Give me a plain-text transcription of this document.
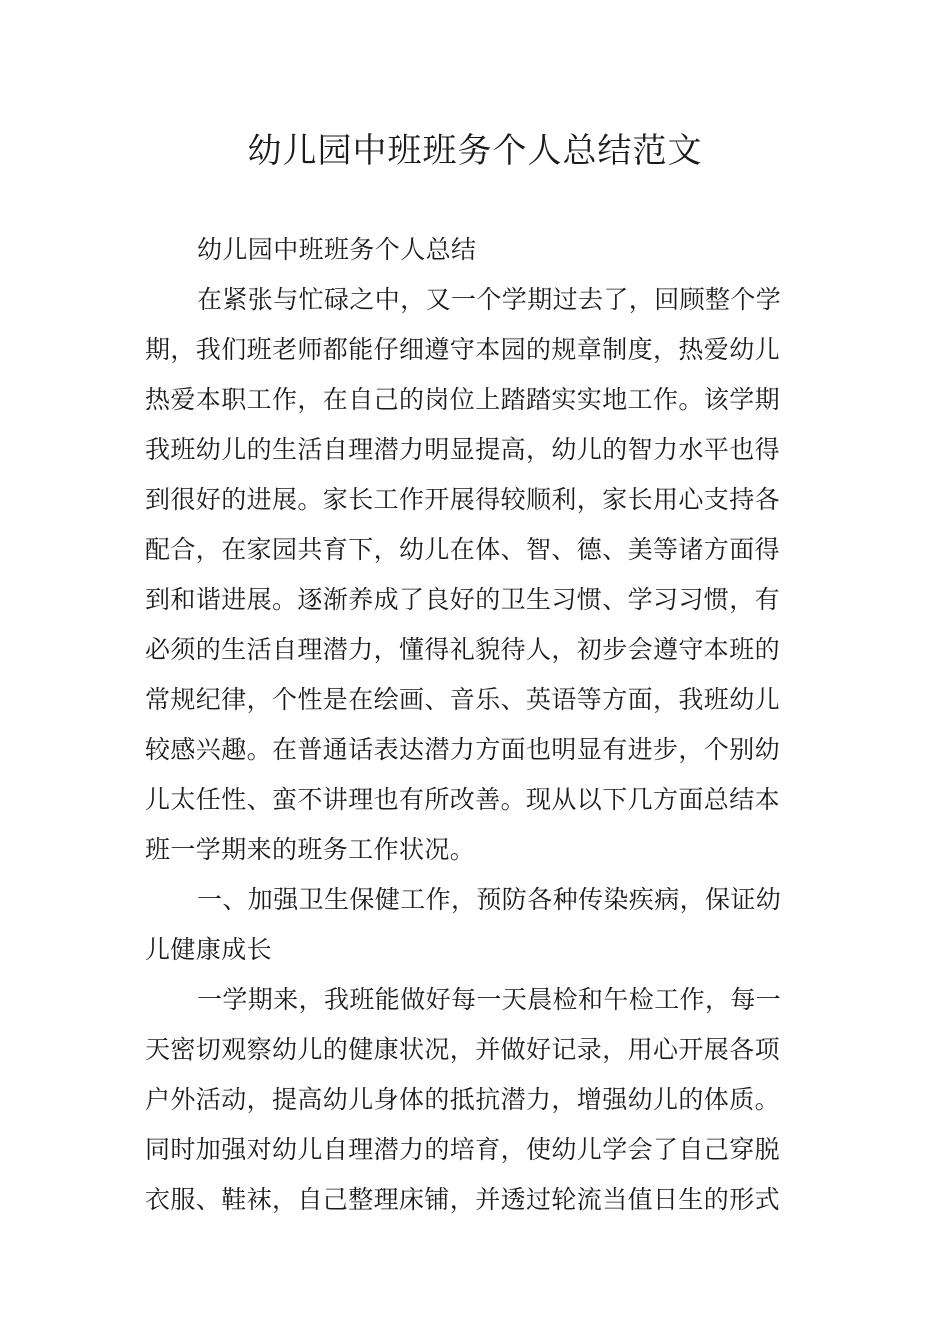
幼儿园中班班务个人总结范文

幼儿园中班班务个人总结

在紧张与忙碌之中，又一个学期过去了，回顾整个学
期，我们班老师都能仔细遵守本园的规章制度，热爱幼儿
热爱本职工作，在自己的岗位上踏踏实实地工作。该学期
我班幼儿的生活自理潜力明显提高，幼儿的智力水平也得
到很好的进展。家长工作开展得较顺利，家长用心支持各
配合，在家园共育下，幼儿在体、智、德、美等诸方面得
到和谐进展。逐渐养成了良好的卫生习惯、学习习惯，有
必须的生活自理潜力，懂得礼貌待人，初步会遵守本班的
常规纪律，个性是在绘画、音乐、英语等方面，我班幼儿
较感兴趣。在普通话表达潜力方面也明显有进步，个别幼
儿太任性、蛮不讲理也有所改善。现从以下几方面总结本
班一学期来的班务工作状况。

一、加强卫生保健工作，预防各种传染疾病，保证幼
儿健康成长

一学期来，我班能做好每一天晨检和午检工作，每一
天密切观察幼儿的健康状况，并做好记录，用心开展各项
户外活动，提高幼儿身体的抵抗潜力，增强幼儿的体质。
同时加强对幼儿自理潜力的培育，使幼儿学会了自己穿脱
衣服、鞋袜，自己整理床铺，并透过轮流当值日生的形式
